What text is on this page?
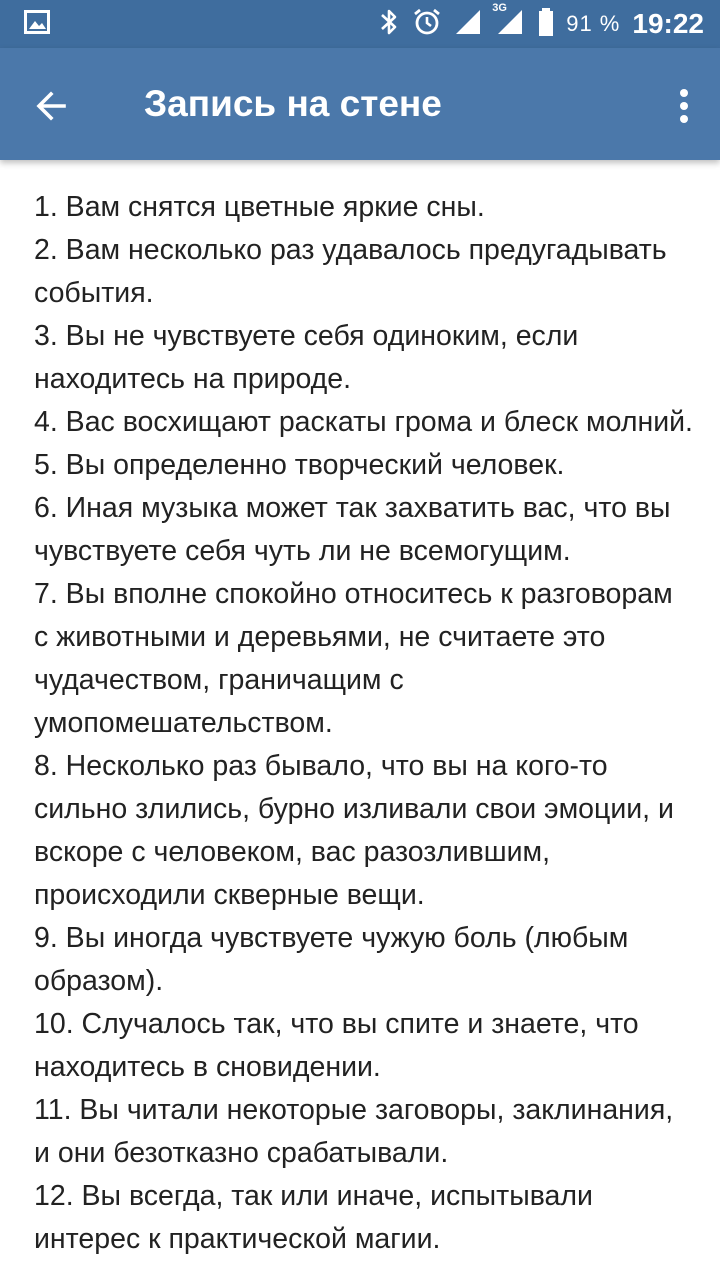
3G
91 % 19:22
Запись на стене

1. Вам снятся цветные яркие сны.

2. Вам несколько раз удавалось предугадывать события.

3. Вы не чувствуете себя одиноким, если находитесь на природе.

4. Вас восхищают раскаты грома и блеск молний.

5. Вы определенно творческий человек.

6. Иная музыка может так захватить вас, что вы чувствуете себя чуть ли не всемогущим.

7. Вы вполне спокойно относитесь к разговорам с животными и деревьями, не считаете это чудачеством, граничащим с умопомешательством.

8. Несколько раз бывало, что вы на кого-то сильно злились, бурно изливали свои эмоции, и вскоре с человеком, вас разозлившим, происходили скверные вещи.

9. Вы иногда чувствуете чужую боль (любым образом).

10. Случалось так, что вы спите и знаете, что находитесь в сновидении.

11. Вы читали некоторые заговоры, заклинания, и они безотказно срабатывали.

12. Вы всегда, так или иначе, испытывали интерес к практической магии.
